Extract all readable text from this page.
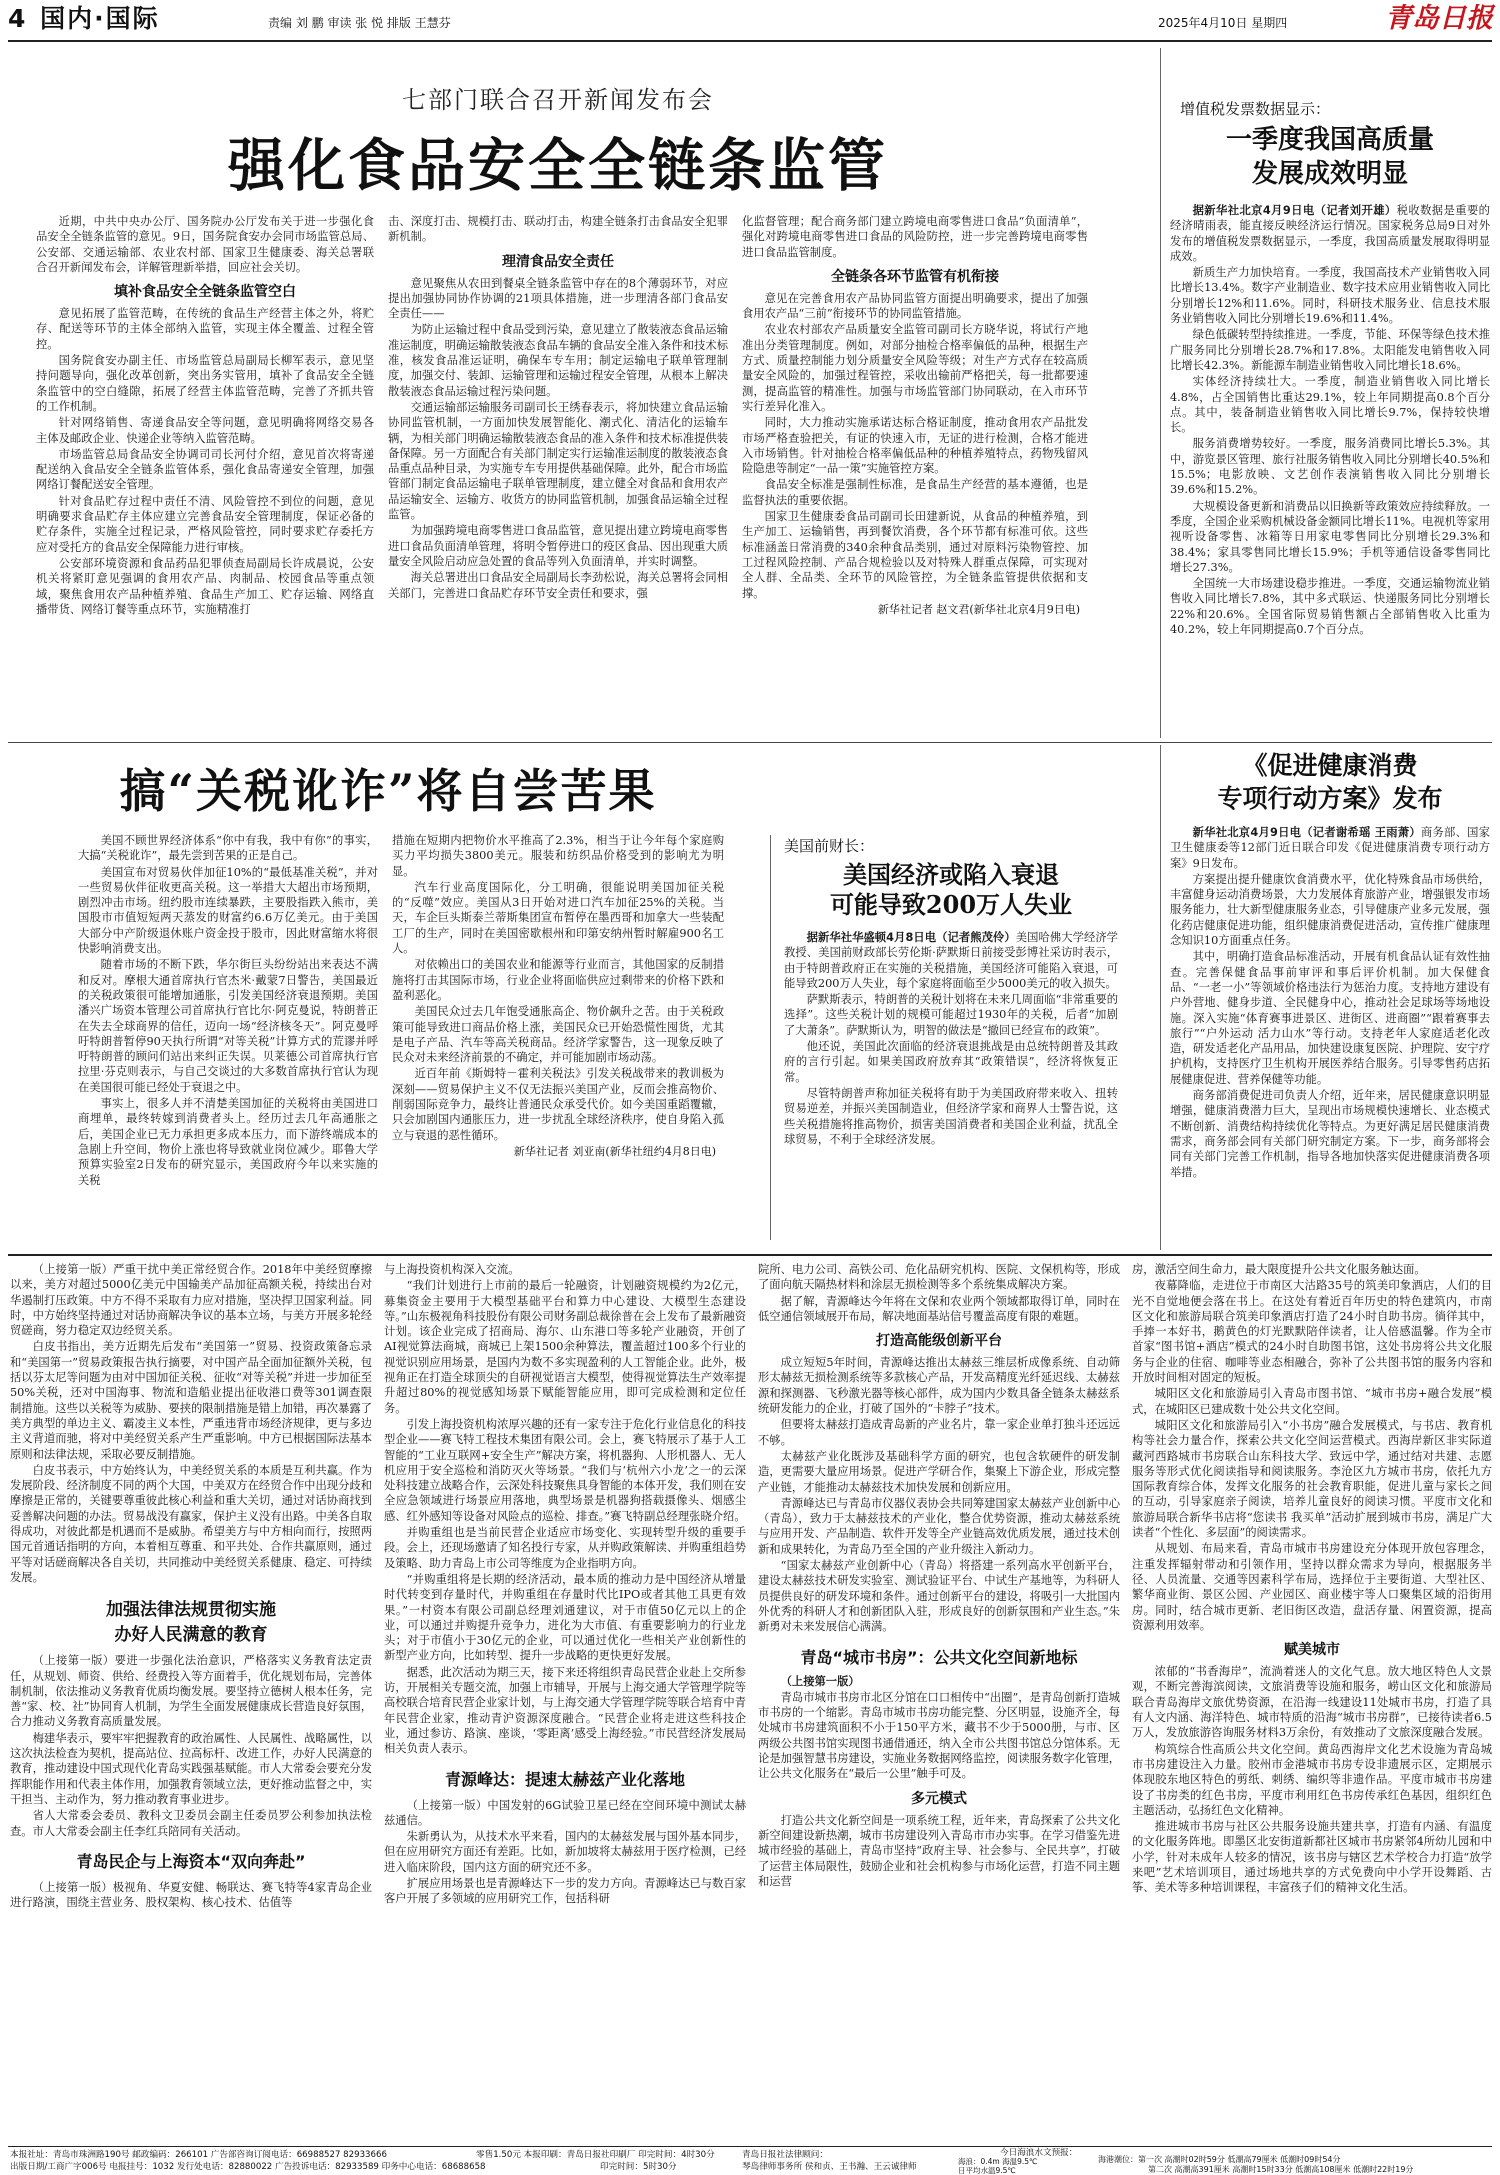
4 国内·国际	责编 刘 鹏 审读 张 悦 排版 王慧芬	2025年4月10日 星期四	青岛日报
七部门联合召开新闻发布会
强化食品安全全链条监管

近期，中共中央办公厅、国务院办公厅发布关于进一步强化食品安全全链条监管的意见。9日，国务院食安办会同市场监管总局、公安部、交通运输部、农业农村部、国家卫生健康委、海关总署联合召开新闻发布会，详解管理新举措，回应社会关切。

填补食品安全全链条监管空白

意见拓展了监管范畴，在传统的食品生产经营主体之外，将贮存、配送等环节的主体全部纳入监管，实现主体全覆盖、过程全管控。

国务院食安办副主任、市场监管总局副局长柳军表示，意见坚持问题导向，强化改革创新，突出务实管用，填补了食品安全全链条监管中的空白缝隙，拓展了经营主体监管范畴，完善了齐抓共管的工作机制。

针对网络销售、寄递食品安全等问题，意见明确将网络交易各主体及邮政企业、快递企业等纳入监管范畴。

市场监管总局食品安全协调司司长河付介绍，意见首次将寄递配送纳入食品安全全链条监管体系，强化食品寄递安全管理，加强网络订餐配送安全管理。

针对食品贮存过程中责任不清、风险管控不到位的问题，意见明确要求食品贮存主体应建立完善食品安全管理制度，保证必备的贮存条件，实施全过程记录，严格风险管控，同时要求贮存委托方应对受托方的食品安全保障能力进行审核。

公安部环境资源和食品药品犯罪侦查局副局长许成晨说，公安机关将紧盯意见强调的食用农产品、肉制品、校园食品等重点领域，聚焦食用农产品种植养殖、食品生产加工、贮存运输、网络直播带货、网络订餐等重点环节，实施精准打

击、深度打击、规模打击、联动打击，构建全链条打击食品安全犯罪新机制。

理清食品安全责任

意见聚焦从农田到餐桌全链条监管中存在的8个薄弱环节，对应提出加强协同协作协调的21项具体措施，进一步理清各部门食品安全责任——

为防止运输过程中食品受到污染，意见建立了散装液态食品运输准运制度，明确运输散装液态食品车辆的食品安全准入条件和技术标准，核发食品准运证明，确保车专车用；制定运输电子联单管理制度，加强交付、装卸、运输管理和运输过程安全管理，从根本上解决散装液态食品运输过程污染问题。

交通运输部运输服务司副司长王绣春表示，将加快建立食品运输协同监管机制，一方面加快发展智能化、潮式化、清洁化的运输车辆，为相关部门明确运输散装液态食品的准入条件和技术标准提供装备保障。另一方面配合有关部门制定实行运输准运制度的散装液态食品重点品种目录，为实施专车专用提供基础保障。此外，配合市场监管部门制定食品运输电子联单管理制度，建立健全对食品和食用农产品运输安全、运输方、收货方的协同监管机制，加强食品运输全过程监管。

为加强跨境电商零售进口食品监管，意见提出建立跨境电商零售进口食品负面清单管理，将明令暂停进口的疫区食品、因出现重大质量安全风险启动应急处置的食品等列入负面清单，并实时调整。

海关总署进出口食品安全局副局长李劲松说，海关总署将会同相关部门，完善进口食品贮存环节安全责任和要求，强

化监督管理；配合商务部门建立跨境电商零售进口食品“负面清单”，强化对跨境电商零售进口食品的风险防控，进一步完善跨境电商零售进口食品监管制度。

全链条各环节监管有机衔接

意见在完善食用农产品协同监管方面提出明确要求，提出了加强食用农产品“三前”衔接环节的协同监管措施。

农业农村部农产品质量安全监管司副司长方晓华说，将试行产地准出分类管理制度。例如，对部分抽检合格率偏低的品种，根据生产方式、质量控制能力划分质量安全风险等级；对生产方式存在较高质量安全风险的，加强过程管控，采收出输前严格把关，每一批都要速测，提高监管的精准性。加强与市场监管部门协同联动，在入市环节实行差异化准入。

同时，大力推动实施承诺达标合格证制度，推动食用农产品批发市场严格查验把关，有证的快速入市，无证的进行检测，合格才能进入市场销售。针对抽检合格率偏低品种的种植养殖特点，药物残留风险隐患等制定“一品一策”实施管控方案。

食品安全标准是强制性标准，是食品生产经营的基本遵循，也是监督执法的重要依据。

国家卫生健康委食品司副司长田建新说，从食品的种植养殖，到生产加工、运输销售，再到餐饮消费，各个环节都有标准可依。这些标准涵盖日常消费的340余种食品类别，通过对原料污染物管控、加工过程风险控制、产品合规检验以及对特殊人群重点保障，可实现对全人群、全品类、全环节的风险管控，为全链条监管提供依据和支撑。

新华社记者 赵文君(新华社北京4月9日电)

增值税发票数据显示：
一季度我国高质量
发展成效明显

据新华社北京4月9日电（记者刘开雄）税收数据是重要的经济晴雨表，能直接反映经济运行情况。国家税务总局9日对外发布的增值税发票数据显示，一季度，我国高质量发展取得明显成效。

新质生产力加快培育。一季度，我国高技术产业销售收入同比增长13.4%。数字产业制造业、数字技术应用业销售收入同比分别增长12%和11.6%。同时，科研技术服务业、信息技术服务业销售收入同比分别增长19.6%和11.4%。

绿色低碳转型持续推进。一季度，节能、环保等绿色技术推广服务同比分别增长28.7%和17.8%。太阳能发电销售收入同比增长42.3%。新能源车制造业销售收入同比增长18.6%。

实体经济持续壮大。一季度，制造业销售收入同比增长4.8%，占全国销售比重达29.1%，较上年同期提高0.8个百分点。其中，装备制造业销售收入同比增长9.7%，保持较快增长。

服务消费增势较好。一季度，服务消费同比增长5.3%。其中，游览景区管理、旅行社服务销售收入同比分别增长40.5%和15.5%；电影放映、文艺创作表演销售收入同比分别增长39.6%和15.2%。

大规模设备更新和消费品以旧换新等政策效应持续释放。一季度，全国企业采购机械设备金额同比增长11%。电视机等家用视听设备零售、冰箱等日用家电零售同比分别增长29.3%和38.4%；家具零售同比增长15.9%；手机等通信设备零售同比增长27.3%。

全国统一大市场建设稳步推进。一季度，交通运输物流业销售收入同比增长7.8%，其中多式联运、快递服务同比分别增长22%和20.6%。全国省际贸易销售额占全部销售收入比重为40.2%，较上年同期提高0.7个百分点。

搞“关税讹诈”将自尝苦果

美国不顾世界经济体系“你中有我，我中有你”的事实，大搞“关税讹诈”，最先尝到苦果的正是自己。

美国宣布对贸易伙伴加征10%的“最低基准关税”，并对一些贸易伙伴征收更高关税。这一举措大大超出市场预期，剧烈冲击市场。纽约股市连续暴跌，主要股指跌入熊市，美国股市市值短短两天蒸发的财富约6.6万亿美元。由于美国大部分中产阶级退休账户资金投于股市，因此财富缩水将很快影响消费支出。

随着市场的不断下跌，华尔街巨头纷纷站出来表达不满和反对。摩根大通首席执行官杰米·戴蒙7日警告，美国最近的关税政策很可能增加通胀，引发美国经济衰退预期。美国潘兴广场资本管理公司首席执行官比尔·阿克曼说，特朗普正在失去全球商界的信任，迈向一场“经济核冬天”。阿克曼呼吁特朗普暂停90天执行所谓“对等关税”计算方式的荒谬并呼吁特朗普的顾问们站出来纠正失误。贝莱德公司首席执行官拉里·芬克则表示，与自己交谈过的大多数首席执行官认为现在美国很可能已经处于衰退之中。

事实上，很多人并不清楚美国加征的关税将由美国进口商埋单，最终转嫁到消费者头上。经历过去几年高通胀之后，美国企业已无力承担更多成本压力，而下游终端成本的急剧上升空间，物价上涨也将导致就业岗位减少。耶鲁大学预算实验室2日发布的研究显示，美国政府今年以来实施的关税

措施在短期内把物价水平推高了2.3%，相当于让今年每个家庭购买力平均损失3800美元。服装和纺织品价格受到的影响尤为明显。

汽车行业高度国际化，分工明确，很能说明美国加征关税的“反噬”效应。美国从3日开始对进口汽车加征25%的关税。当天，车企巨头斯泰兰蒂斯集团宣布暂停在墨西哥和加拿大一些装配工厂的生产，同时在美国密歇根州和印第安纳州暂时解雇900名工人。

对依赖出口的美国农业和能源等行业而言，其他国家的反制措施将打击其国际市场，行业企业将面临供应过剩带来的价格下跌和盈利恶化。

美国民众过去几年饱受通胀高企、物价飙升之苦。由于关税政策可能导致进口商品价格上涨，美国民众已开始恐慌性囤货，尤其是电子产品、汽车等高关税商品。经济学家警告，这一现象反映了民众对未来经济前景的不确定，并可能加剧市场动荡。

近百年前《斯姆特－霍利关税法》引发关税战带来的教训极为深刻——贸易保护主义不仅无法振兴美国产业，反而会推高物价、削弱国际竞争力，最终让普通民众承受代价。如今美国重蹈覆辙，只会加剧国内通胀压力，进一步扰乱全球经济秩序，使自身陷入孤立与衰退的恶性循环。

新华社记者 刘亚南(新华社纽约4月8日电)

美国前财长：
美国经济或陷入衰退
可能导致200万人失业

据新华社华盛顿4月8日电（记者熊茂伶）美国哈佛大学经济学教授、美国前财政部长劳伦斯·萨默斯日前接受彭博社采访时表示，由于特朗普政府正在实施的关税措施，美国经济可能陷入衰退，可能导致200万人失业，每个家庭将面临至少5000美元的收入损失。

萨默斯表示，特朗普的关税计划将在未来几周面临“非常重要的选择”。这些关税计划的规模可能超过1930年的关税，后者“加剧了大萧条”。萨默斯认为，明智的做法是“撤回已经宣布的政策”。

他还说，美国此次面临的经济衰退挑战是由总统特朗普及其政府的言行引起。如果美国政府放弃其“政策错误”，经济将恢复正常。

尽管特朗普声称加征关税将有助于为美国政府带来收入、扭转贸易逆差，并振兴美国制造业，但经济学家和商界人士警告说，这些关税措施将推高物价，损害美国消费者和美国企业利益，扰乱全球贸易，不利于全球经济发展。

《促进健康消费
专项行动方案》发布

新华社北京4月9日电（记者谢希瑶 王雨萧）商务部、国家卫生健康委等12部门近日联合印发《促进健康消费专项行动方案》9日发布。

方案提出提升健康饮食消费水平，优化特殊食品市场供给，丰富健身运动消费场景，大力发展体育旅游产业，增强银发市场服务能力，壮大新型健康服务业态，引导健康产业多元发展，强化药店健康促进功能，组织健康消费促进活动，宣传推广健康理念知识10方面重点任务。

其中，明确打造食品标准活动，开展有机食品认证有效性抽查。完善保健食品事前审评和事后评价机制。加大保健食品、“一老一小”等领域价格违法行为惩治力度。支持地方建设有户外营地、健身步道、全民健身中心，推动社会足球场等场地设施。深入实施“体育赛事进景区、进街区、进商圈”“跟着赛事去旅行”“户外运动 活力山水”等行动。支持老年人家庭适老化改造，研发适老化产品用品，加快建设康复医院、护理院、安宁疗护机构，支持医疗卫生机构开展医养结合服务。引导零售药店拓展健康促进、营养保健等功能。

商务部消费促进司负责人介绍，近年来，居民健康意识明显增强，健康消费潜力巨大，呈现出市场规模快速增长、业态模式不断创新、消费结构持续优化等特点。为更好满足居民健康消费需求，商务部会同有关部门研究制定方案。下一步，商务部将会同有关部门完善工作机制，指导各地加快落实促进健康消费各项举措。

（上接第一版）严重干扰中美正常经贸合作。2018年中美经贸摩擦以来，美方对超过5000亿美元中国输美产品加征高额关税，持续出台对华遏制打压政策。中方不得不采取有力应对措施，坚决捍卫国家利益。同时，中方始终坚持通过对话协商解决争议的基本立场，与美方开展多轮经贸磋商，努力稳定双边经贸关系。

白皮书指出，美方近期先后发布“美国第一”贸易、投资政策备忘录和“美国第一”贸易政策报告执行摘要，对中国产品全面加征额外关税，包括以芬太尼等问题为由对中国加征关税、征收“对等关税”并进一步加征至50%关税，还对中国海事、物流和造船业提出征收港口费等301调查限制措施。这些以关税等为威胁、要挟的限制措施是错上加错，再次暴露了美方典型的单边主义、霸凌主义本性，严重违背市场经济规律，更与多边主义背道而驰，将对中美经贸关系产生严重影响。中方已根据国际法基本原则和法律法规，采取必要反制措施。

白皮书表示，中方始终认为，中美经贸关系的本质是互利共赢。作为发展阶段、经济制度不同的两个大国，中美双方在经贸合作中出现分歧和摩擦是正常的，关键要尊重彼此核心利益和重大关切，通过对话协商找到妥善解决问题的办法。贸易战没有赢家，保护主义没有出路。中美各自取得成功，对彼此都是机遇而不是威胁。希望美方与中方相向而行，按照两国元首通话指明的方向，本着相互尊重、和平共处、合作共赢原则，通过平等对话磋商解决各自关切，共同推动中美经贸关系健康、稳定、可持续发展。

加强法律法规贯彻实施
办好人民满意的教育

（上接第一版）要进一步强化法治意识，严格落实义务教育法定责任，从规划、师资、供给、经费投入等方面着手，优化规划布局，完善体制机制，依法推动义务教育优质均衡发展。要坚持立德树人根本任务，完善“家、校、社”协同育人机制，为学生全面发展健康成长营造良好氛围，合力推动义务教育高质量发展。

梅建华表示，要牢牢把握教育的政治属性、人民属性、战略属性，以这次执法检查为契机，提高站位、拉高标杆、改进工作，办好人民满意的教育，推动建设中国式现代化青岛实践强基赋能。市人大常委会要充分发挥职能作用和代表主体作用，加强教育领域立法，更好推动监督之中，实干担当、主动作为，努力推动教育事业进步。

省人大常委会委员、教科文卫委员会副主任委员罗公利参加执法检查。市人大常委会副主任李红兵陪同有关活动。

青岛民企与上海资本“双向奔赴”

（上接第一版）极视角、华夏安健、畅联达、赛飞特等4家青岛企业进行路演，围绕主营业务、股权架构、核心技术、估值等

与上海投资机构深入交流。

“我们计划进行上市前的最后一轮融资，计划融资规模约为2亿元，募集资金主要用于大模型基础平台和算力中心建设、大模型生态建设等。”山东极视角科技股份有限公司财务副总裁徐普在会上发布了最新融资计划。该企业完成了招商局、海尔、山东港口等多轮产业融资，开创了AI视觉算法商城，商城已上架1500余种算法，覆盖超过100多个行业的视觉识别应用场景，是国内为数不多实现盈利的人工智能企业。此外，极视角正在打造全球顶尖的自研视觉语言大模型，使得视觉算法生产效率提升超过80%的视觉感知场景下赋能智能应用，即可完成检测和定位任务。

引发上海投资机构浓厚兴趣的还有一家专注于危化行业信息化的科技型企业——赛飞特工程技术集团有限公司。会上，赛飞特展示了基于人工智能的“工业互联网+安全生产”解决方案，将机器狗、人形机器人、无人机应用于安全巡检和消防灭火等场景。“我们与‘杭州六小龙’之一的云深处科技建立战略合作，云深处科技聚焦具身智能的本体开发，我们则在安全应急领域进行场景应用落地，典型场景是机器狗搭载摄像头、烟感尘感、红外感知等设备对风险点的巡检、排查。”赛飞特副总经理张晓介绍。

并购重组也是当前民营企业适应市场变化、实现转型升级的重要手段。会上，还现场邀请了知名投行专家，从并购政策解读、并购重组趋势及策略、助力青岛上市公司等维度为企业指明方向。

“并购重组将是长期的经济活动，最本质的推动力是中国经济从增量时代转变到存量时代，并购重组在存量时代比IPO或者其他工具更有效果。”一村资本有限公司副总经理刘通建议，对于市值50亿元以上的企业，可以通过并购提升竞争力，进化为大市值、有重要影响力的行业龙头；对于市值小于30亿元的企业，可以通过优化一些相关产业创新性的新型产业方向，比如转型、提升一步战略的更快更好发展。

据悉，此次活动为期三天，接下来还将组织青岛民营企业赴上交所参访，开展相关专题交流，加强上市辅导，开展与上海交通大学管理学院等高校联合培育民营企业家计划，与上海交通大学管理学院等联合培育中青年民营企业家，推动青沪资源深度融合。“民营企业将走进这些科技企业，通过参访、路演、座谈，‘零距离’感受上海经验。”市民营经济发展局相关负责人表示。

青源峰达：提速太赫兹产业化落地

（上接第一版）中国发射的6G试验卫星已经在空间环境中测试太赫兹通信。

朱新勇认为，从技术水平来看，国内的太赫兹发展与国外基本同步，但在应用研究方面还有差距。比如，新加坡将太赫兹用于医疗检测，已经进入临床阶段，国内这方面的研究还不多。

扩展应用场景也是青源峰达下一步的发力方向。青源峰达已与数百家客户开展了多领域的应用研究工作，包括科研

院所、电力公司、高铁公司、危化品研究机构、医院、文保机构等，形成了面向航天隔热材料和涂层无损检测等多个系统集成解决方案。

据了解，青源峰达今年将在文保和农业两个领域都取得订单，同时在低空通信领域展开布局，解决地面基站信号覆盖高度有限的难题。

打造高能级创新平台

成立短短5年时间，青源峰达推出太赫兹三维层析成像系统、自动筛形太赫兹无损检测系统等多款核心产品，开发高精度光纤延迟线、太赫兹源和探测器、飞秒激光器等核心部件，成为国内少数具备全链条太赫兹系统研发能力的企业，打破了国外的“卡脖子”技术。

但要将太赫兹打造成青岛新的产业名片，靠一家企业单打独斗还远远不够。

太赫兹产业化既涉及基础科学方面的研究，也包含软硬件的研发制造，更需要大量应用场景。促进产学研合作，集聚上下游企业，形成完整产业链，才能推动太赫兹技术加快发展和创新应用。

青源峰达已与青岛市仪器仪表协会共同筹建国家太赫兹产业创新中心（青岛），致力于太赫兹技术的产业化，整合优势资源，推动太赫兹系统与应用开发、产品制造、软件开发等全产业链高效优质发展，通过技术创新和成果转化，为青岛乃至全国的产业升级注入新动力。

“国家太赫兹产业创新中心（青岛）将搭建一系列高水平创新平台，建设太赫兹技术研发实验室、测试验证平台、中试生产基地等，为科研人员提供良好的研发环境和条件。通过创新平台的建设，将吸引一大批国内外优秀的科研人才和创新团队入驻，形成良好的创新氛围和产业生态。”朱新勇对未来发展信心满满。

青岛“城市书房”：公共文化空间新地标

（上接第一版）

青岛市城市书房市北区分馆在口口相传中“出圈”，是青岛创新打造城市书房的一个缩影。青岛市城市书房功能完整、分区明显，设施齐全，每处城市书房建筑面积不小于150平方米，藏书不少于5000册，与市、区两级公共图书馆实现图书通借通还，纳入全市公共图书馆总分馆体系。无论是加强智慧书房建设，实施业务数据网络监控，阅读服务数字化管理，让公共文化服务在“最后一公里”触手可及。

多元模式

打造公共文化新空间是一项系统工程，近年来，青岛探索了公共文化新空间建设新热潮，城市书房建设列入青岛市市办实事。在学习借鉴先进城市经验的基础上，青岛市坚持“政府主导、社会参与、全民共享”，打破了运营主体局限性，鼓励企业和社会机构参与市场化运营，打造不同主题和运营

房，激活空间生命力，最大限度提升公共文化服务触达面。

夜幕降临，走进位于市南区大沽路35号的筑美印象酒店，人们的目光不自觉地便会落在书上。在这处有着近百年历史的特色建筑内，市南区文化和旅游局联合筑美印象酒店打造了24小时自助书房。徜徉其中，手捧一本好书，鹅黄色的灯光默默陪伴读者，让人倍感温馨。作为全市首家“图书馆+酒店”模式的24小时自助图书馆，这处书房将公共文化服务与企业的住宿、咖啡等业态相融合，弥补了公共图书馆的服务内容和开放时间相对固定的短板。

城阳区文化和旅游局引入青岛市图书馆、“城市书房+融合发展”模式，在城阳区已建成数十处公共文化空间。

城阳区文化和旅游局引入“小书房”融合发展模式，与书店、教育机构等社会力量合作，探索公共文化空间运营模式。西海岸新区非实际道藏河西路城市书房联合山东科技大学、致远中学，通过结对共建、志愿服务等形式优化阅读指导和阅读服务。李沧区九方城市书房，依托九方国际教育综合体，发挥文化服务的社会教育职能，促进儿童与家长之间的互动，引导家庭亲子阅读，培养儿童良好的阅读习惯。平度市文化和旅游局联合新华书店将“您读书 我买单”活动扩展到城市书房，满足广大读者“个性化、多层面”的阅读需求。

从规划、布局来看，青岛市城市书房建设充分体现开放包容理念，注重发挥辐射带动和引领作用，坚持以群众需求为导向，根据服务半径、人员流量、交通等因素科学布局，选择位于主要街道、大型社区、繁华商业街、景区公园、产业园区、商业楼宇等人口聚集区域的沿街用房。同时，结合城市更新、老旧街区改造，盘活存量、闲置资源，提高资源利用效率。

赋美城市

浓郁的“书香海岸”，流淌着迷人的文化气息。放大地区特色人文景观，不断完善海滨阅读，文旅消费等设施和服务，崂山区文化和旅游局联合青岛海岸文旅优势资源，在沿海一线建设11处城市书房，打造了具有人文内涵、海洋特色、城市特质的沿海“城市书房群”，已接待读者6.5万人，发放旅游咨询服务材料3万余份，有效推动了文旅深度融合发展。

构筑综合性高质公共文化空间。黄岛西海岸文化艺术设施为青岛城市书房建设注入力量。胶州市金港城市书房专设非遗展示区，定期展示体现胶东地区特色的剪纸、刺绣、编织等非遗作品。平度市城市书房建设了书房类的红色书房，平度市利用红色书房传承红色基因，组织红色主题活动，弘扬红色文化精神。

推进城市书房与社区公共服务设施共建共享，打造有内涵、有温度的文化服务阵地。即墨区北安街道新都社区城市书房紧邻4所幼儿园和中小学，针对未成年人较多的情况，该书房与辖区艺术学校合力打造“放学来吧”艺术培训项目，通过场地共享的方式免费向中小学开设舞蹈、古筝、美术等多种培训课程，丰富孩子们的精神文化生活。

本报社址：青岛市珠洲路190号 邮政编码：266101 广告部咨询订阅电话：66988527 82933666	零售1.50元 本报印刷：青岛日报社印刷厂 印完时间：4时30分
出版日期/工商广字006号 电报挂号：1032 发行处电话：82880022 广告投诉电话：82933589 印务中心电话：68688658	印完时间：5时30分
青岛日报社法律顾问：
琴岛律师事务所 侯和贞、王书瀚、王云诚律师
今日海浪水文预报：
海浪：0.4m 海温9.5℃
日平均水温9.5℃
海港潮位：第一次 高潮时02时59分 低潮高79厘米 低潮时09时54分
第二次 高潮高391厘米 高潮时15时33分 低潮高108厘米 低潮时22时19分
